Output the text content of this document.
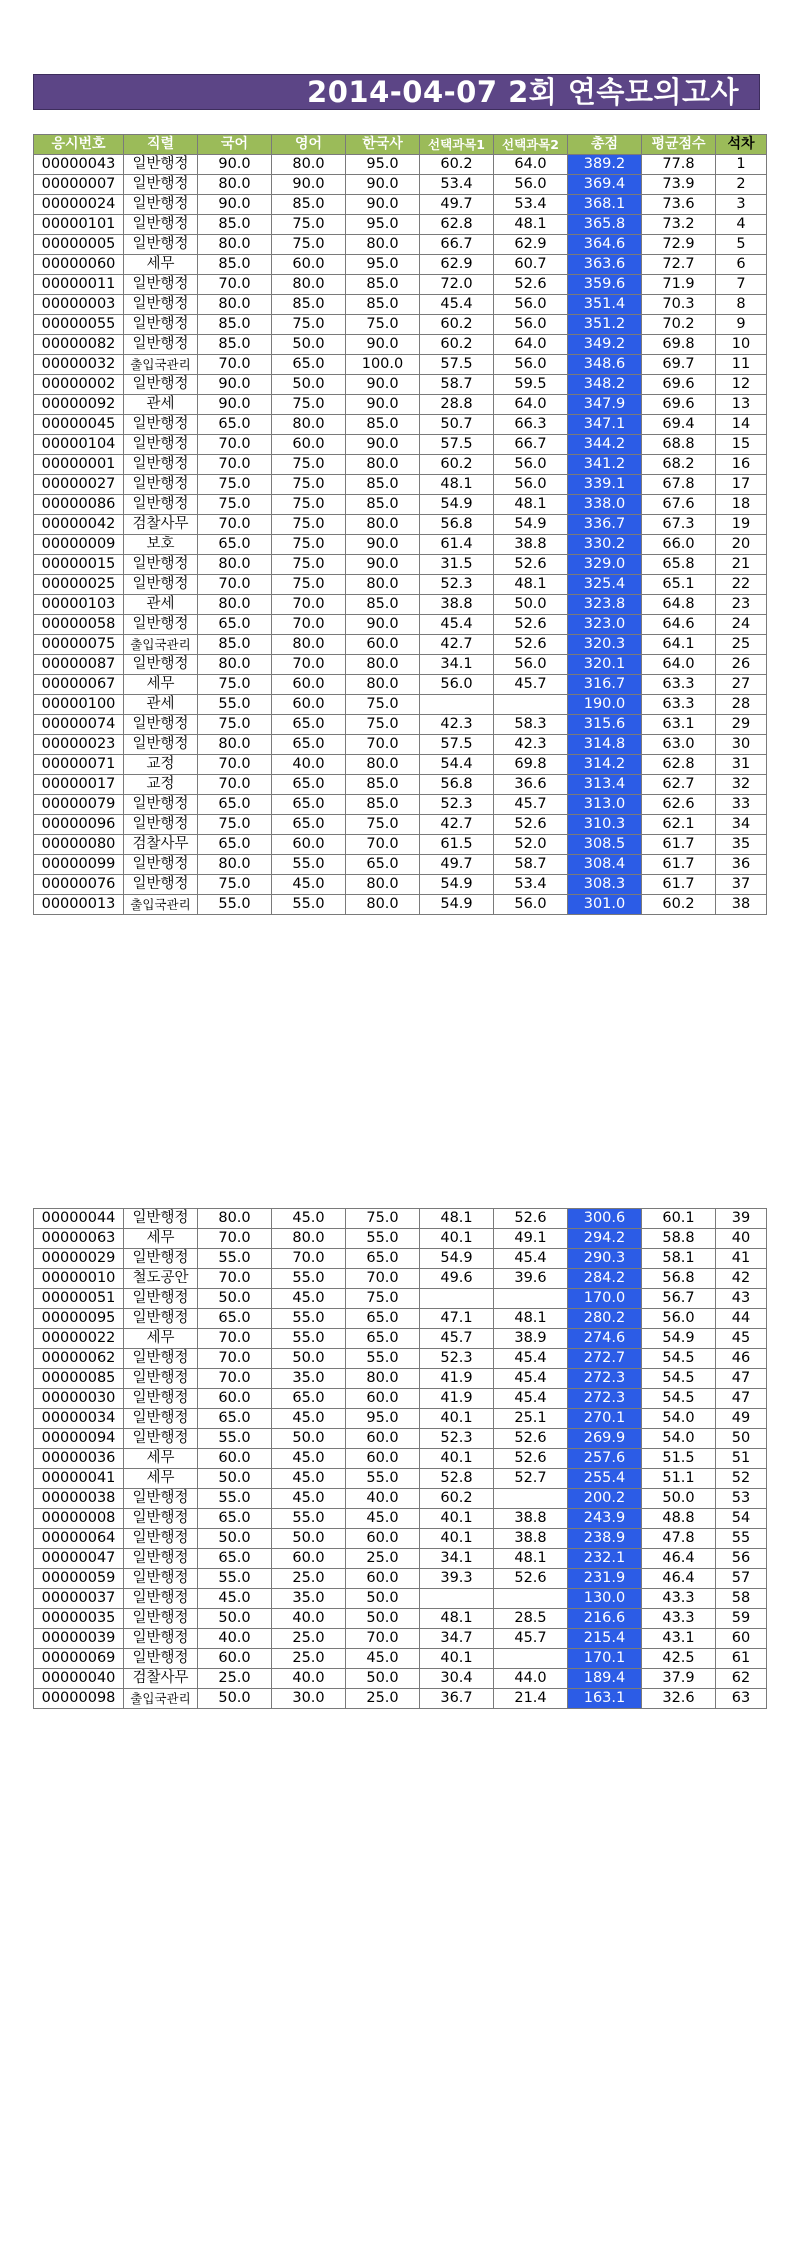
2014-04-07 2회 연속모의고사
응시번호	직렬	국어	영어	한국사	선택과목1	선택과목2	총점	평균점수	석차
00000043	일반행정	90.0	80.0	95.0	60.2	64.0	389.2	77.8	1
00000007	일반행정	80.0	90.0	90.0	53.4	56.0	369.4	73.9	2
00000024	일반행정	90.0	85.0	90.0	49.7	53.4	368.1	73.6	3
00000101	일반행정	85.0	75.0	95.0	62.8	48.1	365.8	73.2	4
00000005	일반행정	80.0	75.0	80.0	66.7	62.9	364.6	72.9	5
00000060	세무	85.0	60.0	95.0	62.9	60.7	363.6	72.7	6
00000011	일반행정	70.0	80.0	85.0	72.0	52.6	359.6	71.9	7
00000003	일반행정	80.0	85.0	85.0	45.4	56.0	351.4	70.3	8
00000055	일반행정	85.0	75.0	75.0	60.2	56.0	351.2	70.2	9
00000082	일반행정	85.0	50.0	90.0	60.2	64.0	349.2	69.8	10
00000032	출입국관리	70.0	65.0	100.0	57.5	56.0	348.6	69.7	11
00000002	일반행정	90.0	50.0	90.0	58.7	59.5	348.2	69.6	12
00000092	관세	90.0	75.0	90.0	28.8	64.0	347.9	69.6	13
00000045	일반행정	65.0	80.0	85.0	50.7	66.3	347.1	69.4	14
00000104	일반행정	70.0	60.0	90.0	57.5	66.7	344.2	68.8	15
00000001	일반행정	70.0	75.0	80.0	60.2	56.0	341.2	68.2	16
00000027	일반행정	75.0	75.0	85.0	48.1	56.0	339.1	67.8	17
00000086	일반행정	75.0	75.0	85.0	54.9	48.1	338.0	67.6	18
00000042	검찰사무	70.0	75.0	80.0	56.8	54.9	336.7	67.3	19
00000009	보호	65.0	75.0	90.0	61.4	38.8	330.2	66.0	20
00000015	일반행정	80.0	75.0	90.0	31.5	52.6	329.0	65.8	21
00000025	일반행정	70.0	75.0	80.0	52.3	48.1	325.4	65.1	22
00000103	관세	80.0	70.0	85.0	38.8	50.0	323.8	64.8	23
00000058	일반행정	65.0	70.0	90.0	45.4	52.6	323.0	64.6	24
00000075	출입국관리	85.0	80.0	60.0	42.7	52.6	320.3	64.1	25
00000087	일반행정	80.0	70.0	80.0	34.1	56.0	320.1	64.0	26
00000067	세무	75.0	60.0	80.0	56.0	45.7	316.7	63.3	27
00000100	관세	55.0	60.0	75.0			190.0	63.3	28
00000074	일반행정	75.0	65.0	75.0	42.3	58.3	315.6	63.1	29
00000023	일반행정	80.0	65.0	70.0	57.5	42.3	314.8	63.0	30
00000071	교정	70.0	40.0	80.0	54.4	69.8	314.2	62.8	31
00000017	교정	70.0	65.0	85.0	56.8	36.6	313.4	62.7	32
00000079	일반행정	65.0	65.0	85.0	52.3	45.7	313.0	62.6	33
00000096	일반행정	75.0	65.0	75.0	42.7	52.6	310.3	62.1	34
00000080	검찰사무	65.0	60.0	70.0	61.5	52.0	308.5	61.7	35
00000099	일반행정	80.0	55.0	65.0	49.7	58.7	308.4	61.7	36
00000076	일반행정	75.0	45.0	80.0	54.9	53.4	308.3	61.7	37
00000013	출입국관리	55.0	55.0	80.0	54.9	56.0	301.0	60.2	38
00000044	일반행정	80.0	45.0	75.0	48.1	52.6	300.6	60.1	39
00000063	세무	70.0	80.0	55.0	40.1	49.1	294.2	58.8	40
00000029	일반행정	55.0	70.0	65.0	54.9	45.4	290.3	58.1	41
00000010	철도공안	70.0	55.0	70.0	49.6	39.6	284.2	56.8	42
00000051	일반행정	50.0	45.0	75.0			170.0	56.7	43
00000095	일반행정	65.0	55.0	65.0	47.1	48.1	280.2	56.0	44
00000022	세무	70.0	55.0	65.0	45.7	38.9	274.6	54.9	45
00000062	일반행정	70.0	50.0	55.0	52.3	45.4	272.7	54.5	46
00000085	일반행정	70.0	35.0	80.0	41.9	45.4	272.3	54.5	47
00000030	일반행정	60.0	65.0	60.0	41.9	45.4	272.3	54.5	47
00000034	일반행정	65.0	45.0	95.0	40.1	25.1	270.1	54.0	49
00000094	일반행정	55.0	50.0	60.0	52.3	52.6	269.9	54.0	50
00000036	세무	60.0	45.0	60.0	40.1	52.6	257.6	51.5	51
00000041	세무	50.0	45.0	55.0	52.8	52.7	255.4	51.1	52
00000038	일반행정	55.0	45.0	40.0	60.2		200.2	50.0	53
00000008	일반행정	65.0	55.0	45.0	40.1	38.8	243.9	48.8	54
00000064	일반행정	50.0	50.0	60.0	40.1	38.8	238.9	47.8	55
00000047	일반행정	65.0	60.0	25.0	34.1	48.1	232.1	46.4	56
00000059	일반행정	55.0	25.0	60.0	39.3	52.6	231.9	46.4	57
00000037	일반행정	45.0	35.0	50.0			130.0	43.3	58
00000035	일반행정	50.0	40.0	50.0	48.1	28.5	216.6	43.3	59
00000039	일반행정	40.0	25.0	70.0	34.7	45.7	215.4	43.1	60
00000069	일반행정	60.0	25.0	45.0	40.1		170.1	42.5	61
00000040	검찰사무	25.0	40.0	50.0	30.4	44.0	189.4	37.9	62
00000098	출입국관리	50.0	30.0	25.0	36.7	21.4	163.1	32.6	63
